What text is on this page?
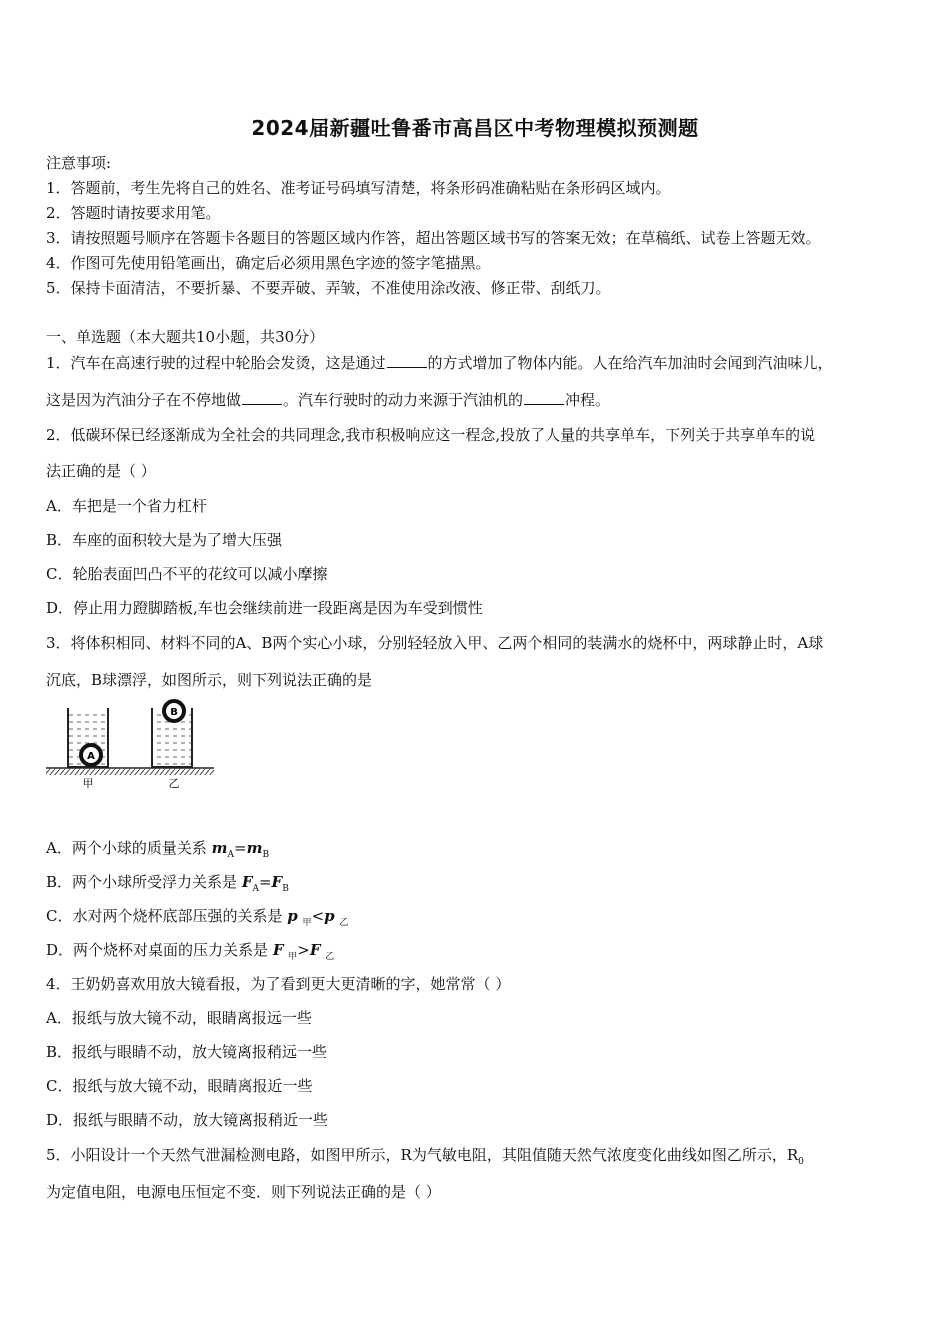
2024届新疆吐鲁番市高昌区中考物理模拟预测题
注意事项:
1．答题前，考生先将自己的姓名、准考证号码填写清楚，将条形码准确粘贴在条形码区域内。
2．答题时请按要求用笔。
3．请按照题号顺序在答题卡各题目的答题区域内作答，超出答题区域书写的答案无效；在草稿纸、试卷上答题无效。
4．作图可先使用铅笔画出，确定后必须用黑色字迹的签字笔描黑。
5．保持卡面清洁，不要折暴、不要弄破、弄皱，不准使用涂改液、修正带、刮纸刀。
一、单选题（本大题共10小题，共30分）
1．汽车在高速行驶的过程中轮胎会发烫，这是通过	的方式增加了物体内能。人在给汽车加油时会闻到汽油味儿，
这是因为汽油分子在不停地做	。汽车行驶时的动力来源于汽油机的	冲程。
2．低碳环保已经逐渐成为全社会的共同理念,我市积极响应这一程念,投放了人量的共享单车，下列关于共享单车的说
法正确的是（ ）
A．车把是一个省力杠杆
B．车座的面积较大是为了增大压强
C．轮胎表面凹凸不平的花纹可以减小摩擦
D．停止用力蹬脚踏板,车也会继续前进一段距离是因为车受到惯性
3．将体积相同、材料不同的A、B两个实心小球，分别轻轻放入甲、乙两个相同的装满水的烧杯中，两球静止时，A球
沉底，B球漂浮，如图所示，则下列说法正确的是
A
B
甲	乙
A．两个小球的质量关系 $m_A=m_B$
B．两个小球所受浮力关系是 $F_A=F_B$
C．水对两个烧杯底部压强的关系是 p $_甲$<p $_乙$
D．两个烧杯对桌面的压力关系是 F $_甲$>F $_乙$
4．王奶奶喜欢用放大镜看报，为了看到更大更清晰的字，她常常（ ）
A．报纸与放大镜不动，眼睛离报远一些
B．报纸与眼睛不动，放大镜离报稍远一些
C．报纸与放大镜不动，眼睛离报近一些
D．报纸与眼睛不动，放大镜离报稍近一些
5．小阳设计一个天然气泄漏检测电路，如图甲所示，R为气敏电阻，其阻值随天然气浓度变化曲线如图乙所示，$R_0$
为定值电阻，电源电压恒定不变．则下列说法正确的是（ ）
